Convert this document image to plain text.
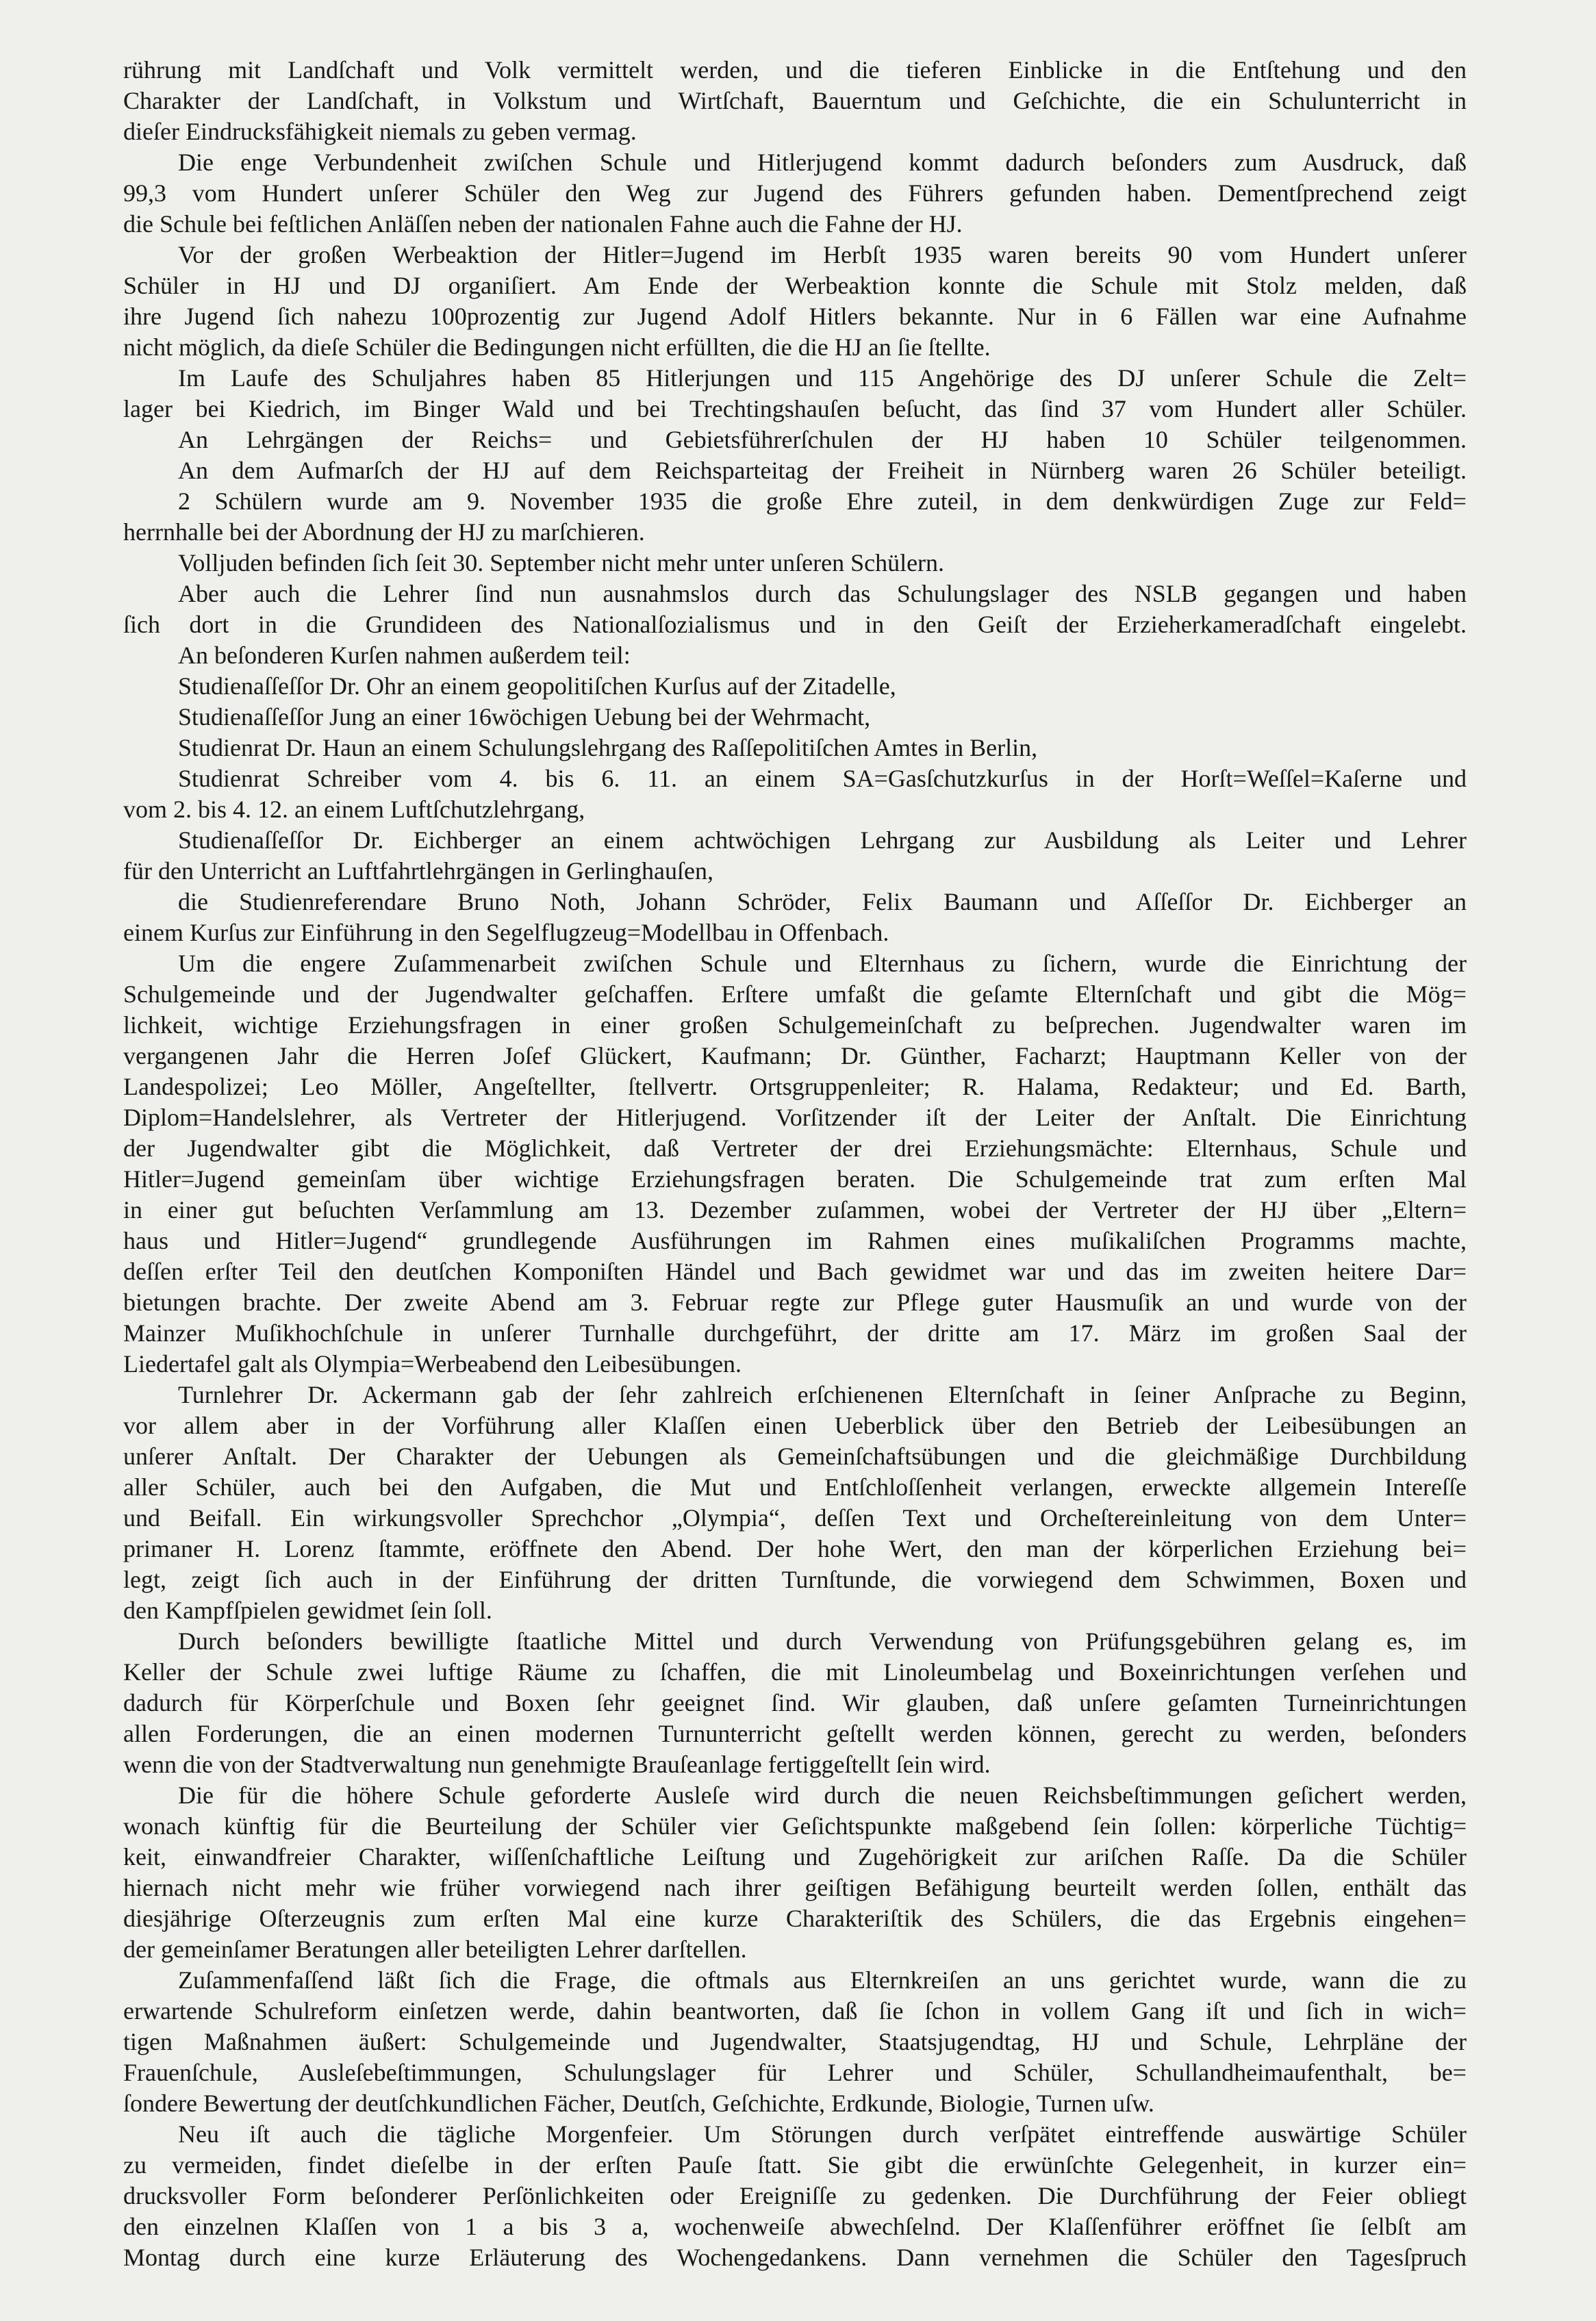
rührung mit Landſchaft und Volk vermittelt werden, und die tieferen Einblicke in die Entſtehung und den
Charakter der Landſchaft, in Volkstum und Wirtſchaft, Bauerntum und Geſchichte, die ein Schulunterricht in
dieſer Eindrucksfähigkeit niemals zu geben vermag.
Die enge Verbundenheit zwiſchen Schule und Hitlerjugend kommt dadurch beſonders zum Ausdruck, daß
99,3 vom Hundert unſerer Schüler den Weg zur Jugend des Führers gefunden haben. Dementſprechend zeigt
die Schule bei feſtlichen Anläſſen neben der nationalen Fahne auch die Fahne der HJ.
Vor der großen Werbeaktion der Hitler=Jugend im Herbſt 1935 waren bereits 90 vom Hundert unſerer
Schüler in HJ und DJ organiſiert. Am Ende der Werbeaktion konnte die Schule mit Stolz melden, daß
ihre Jugend ſich nahezu 100prozentig zur Jugend Adolf Hitlers bekannte. Nur in 6 Fällen war eine Aufnahme
nicht möglich, da dieſe Schüler die Bedingungen nicht erfüllten, die die HJ an ſie ſtellte.
Im Laufe des Schuljahres haben 85 Hitlerjungen und 115 Angehörige des DJ unſerer Schule die Zelt=
lager bei Kiedrich, im Binger Wald und bei Trechtingshauſen beſucht, das ſind 37 vom Hundert aller Schüler.
An Lehrgängen der Reichs= und Gebietsführerſchulen der HJ haben 10 Schüler teilgenommen.
An dem Aufmarſch der HJ auf dem Reichsparteitag der Freiheit in Nürnberg waren 26 Schüler beteiligt.
2 Schülern wurde am 9. November 1935 die große Ehre zuteil, in dem denkwürdigen Zuge zur Feld=
herrnhalle bei der Abordnung der HJ zu marſchieren.
Volljuden befinden ſich ſeit 30. September nicht mehr unter unſeren Schülern.
Aber auch die Lehrer ſind nun ausnahmslos durch das Schulungslager des NSLB gegangen und haben
ſich dort in die Grundideen des Nationalſozialismus und in den Geiſt der Erzieherkameradſchaft eingelebt.
An beſonderen Kurſen nahmen außerdem teil:
Studienaſſeſſor Dr. Ohr an einem geopolitiſchen Kurſus auf der Zitadelle,
Studienaſſeſſor Jung an einer 16wöchigen Uebung bei der Wehrmacht,
Studienrat Dr. Haun an einem Schulungslehrgang des Raſſepolitiſchen Amtes in Berlin,
Studienrat Schreiber vom 4. bis 6. 11. an einem SA=Gasſchutzkurſus in der Horſt=Weſſel=Kaſerne und
vom 2. bis 4. 12. an einem Luftſchutzlehrgang,
Studienaſſeſſor Dr. Eichberger an einem achtwöchigen Lehrgang zur Ausbildung als Leiter und Lehrer
für den Unterricht an Luftfahrtlehrgängen in Gerlinghauſen,
die Studienreferendare Bruno Noth, Johann Schröder, Felix Baumann und Aſſeſſor Dr. Eichberger an
einem Kurſus zur Einführung in den Segelflugzeug=Modellbau in Offenbach.
Um die engere Zuſammenarbeit zwiſchen Schule und Elternhaus zu ſichern, wurde die Einrichtung der
Schulgemeinde und der Jugendwalter geſchaffen. Erſtere umfaßt die geſamte Elternſchaft und gibt die Mög=
lichkeit, wichtige Erziehungsfragen in einer großen Schulgemeinſchaft zu beſprechen. Jugendwalter waren im
vergangenen Jahr die Herren Joſef Glückert, Kaufmann; Dr. Günther, Facharzt; Hauptmann Keller von der
Landespolizei; Leo Möller, Angeſtellter, ſtellvertr. Ortsgruppenleiter; R. Halama, Redakteur; und Ed. Barth,
Diplom=Handelslehrer, als Vertreter der Hitlerjugend. Vorſitzender iſt der Leiter der Anſtalt. Die Einrichtung
der Jugendwalter gibt die Möglichkeit, daß Vertreter der drei Erziehungsmächte: Elternhaus, Schule und
Hitler=Jugend gemeinſam über wichtige Erziehungsfragen beraten. Die Schulgemeinde trat zum erſten Mal
in einer gut beſuchten Verſammlung am 13. Dezember zuſammen, wobei der Vertreter der HJ über „Eltern=
haus und Hitler=Jugend“ grundlegende Ausführungen im Rahmen eines muſikaliſchen Programms machte,
deſſen erſter Teil den deutſchen Komponiſten Händel und Bach gewidmet war und das im zweiten heitere Dar=
bietungen brachte. Der zweite Abend am 3. Februar regte zur Pflege guter Hausmuſik an und wurde von der
Mainzer Muſikhochſchule in unſerer Turnhalle durchgeführt, der dritte am 17. März im großen Saal der
Liedertafel galt als Olympia=Werbeabend den Leibesübungen.
Turnlehrer Dr. Ackermann gab der ſehr zahlreich erſchienenen Elternſchaft in ſeiner Anſprache zu Beginn,
vor allem aber in der Vorführung aller Klaſſen einen Ueberblick über den Betrieb der Leibesübungen an
unſerer Anſtalt. Der Charakter der Uebungen als Gemeinſchaftsübungen und die gleichmäßige Durchbildung
aller Schüler, auch bei den Aufgaben, die Mut und Entſchloſſenheit verlangen, erweckte allgemein Intereſſe
und Beifall. Ein wirkungsvoller Sprechchor „Olympia“, deſſen Text und Orcheſtereinleitung von dem Unter=
primaner H. Lorenz ſtammte, eröffnete den Abend. Der hohe Wert, den man der körperlichen Erziehung bei=
legt, zeigt ſich auch in der Einführung der dritten Turnſtunde, die vorwiegend dem Schwimmen, Boxen und
den Kampfſpielen gewidmet ſein ſoll.
Durch beſonders bewilligte ſtaatliche Mittel und durch Verwendung von Prüfungsgebühren gelang es, im
Keller der Schule zwei luftige Räume zu ſchaffen, die mit Linoleumbelag und Boxeinrichtungen verſehen und
dadurch für Körperſchule und Boxen ſehr geeignet ſind. Wir glauben, daß unſere geſamten Turneinrichtungen
allen Forderungen, die an einen modernen Turnunterricht geſtellt werden können, gerecht zu werden, beſonders
wenn die von der Stadtverwaltung nun genehmigte Brauſeanlage fertiggeſtellt ſein wird.
Die für die höhere Schule geforderte Ausleſe wird durch die neuen Reichsbeſtimmungen geſichert werden,
wonach künftig für die Beurteilung der Schüler vier Geſichtspunkte maßgebend ſein ſollen: körperliche Tüchtig=
keit, einwandfreier Charakter, wiſſenſchaftliche Leiſtung und Zugehörigkeit zur ariſchen Raſſe. Da die Schüler
hiernach nicht mehr wie früher vorwiegend nach ihrer geiſtigen Befähigung beurteilt werden ſollen, enthält das
diesjährige Oſterzeugnis zum erſten Mal eine kurze Charakteriſtik des Schülers, die das Ergebnis eingehen=
der gemeinſamer Beratungen aller beteiligten Lehrer darſtellen.
Zuſammenfaſſend läßt ſich die Frage, die oftmals aus Elternkreiſen an uns gerichtet wurde, wann die zu
erwartende Schulreform einſetzen werde, dahin beantworten, daß ſie ſchon in vollem Gang iſt und ſich in wich=
tigen Maßnahmen äußert: Schulgemeinde und Jugendwalter, Staatsjugendtag, HJ und Schule, Lehrpläne der
Frauenſchule, Ausleſebeſtimmungen, Schulungslager für Lehrer und Schüler, Schullandheimaufenthalt, be=
ſondere Bewertung der deutſchkundlichen Fächer, Deutſch, Geſchichte, Erdkunde, Biologie, Turnen uſw.
Neu iſt auch die tägliche Morgenfeier. Um Störungen durch verſpätet eintreffende auswärtige Schüler
zu vermeiden, findet dieſelbe in der erſten Pauſe ſtatt. Sie gibt die erwünſchte Gelegenheit, in kurzer ein=
drucksvoller Form beſonderer Perſönlichkeiten oder Ereigniſſe zu gedenken. Die Durchführung der Feier obliegt
den einzelnen Klaſſen von 1 a bis 3 a, wochenweiſe abwechſelnd. Der Klaſſenführer eröffnet ſie ſelbſt am
Montag durch eine kurze Erläuterung des Wochengedankens. Dann vernehmen die Schüler den Tagesſpruch
